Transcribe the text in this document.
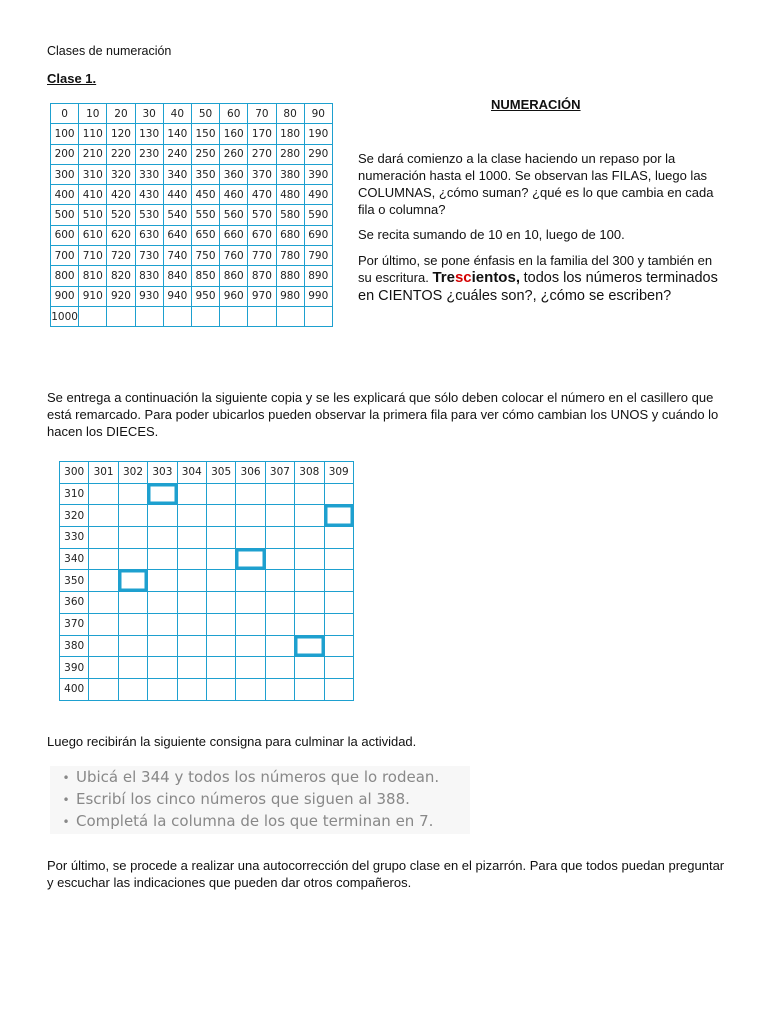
Clases de numeración
Clase 1.
0	10	20	30	40	50	60	70	80	90
100	110	120	130	140	150	160	170	180	190
200	210	220	230	240	250	260	270	280	290
300	310	320	330	340	350	360	370	380	390
400	410	420	430	440	450	460	470	480	490
500	510	520	530	540	550	560	570	580	590
600	610	620	630	640	650	660	670	680	690
700	710	720	730	740	750	760	770	780	790
800	810	820	830	840	850	860	870	880	890
900	910	920	930	940	950	960	970	980	990
1000									
NUMERACIÓN
Se dará comienzo a la clase haciendo un repaso por la numeración hasta el 1000. Se observan las FILAS, luego las COLUMNAS, ¿cómo suman? ¿qué es lo que cambia en cada fila o columna?
Se recita sumando de 10 en 10, luego de 100.
Por último, se pone énfasis en la familia del 300 y también en su escritura. Trescientos, todos los números terminados en CIENTOS ¿cuáles son?, ¿cómo se escriben?
Se entrega a continuación la siguiente copia y se les explicará que sólo deben colocar el número en el casillero que está remarcado. Para poder ubicarlos pueden observar la primera fila para ver cómo cambian los UNOS y cuándo lo hacen los DIECES.
300	301	302	303	304	305	306	307	308	309
310									
320									
330									
340									
350									
360									
370									
380									
390									
400									
Luego recibirán la siguiente consigna para culminar la actividad.
• Ubicá el 344 y todos los números que lo rodean.
• Escribí los cinco números que siguen al 388.
• Completá la columna de los que terminan en 7.
Por último, se procede a realizar una autocorrección del grupo clase en el pizarrón. Para que todos puedan preguntar y escuchar las indicaciones que pueden dar otros compañeros.
